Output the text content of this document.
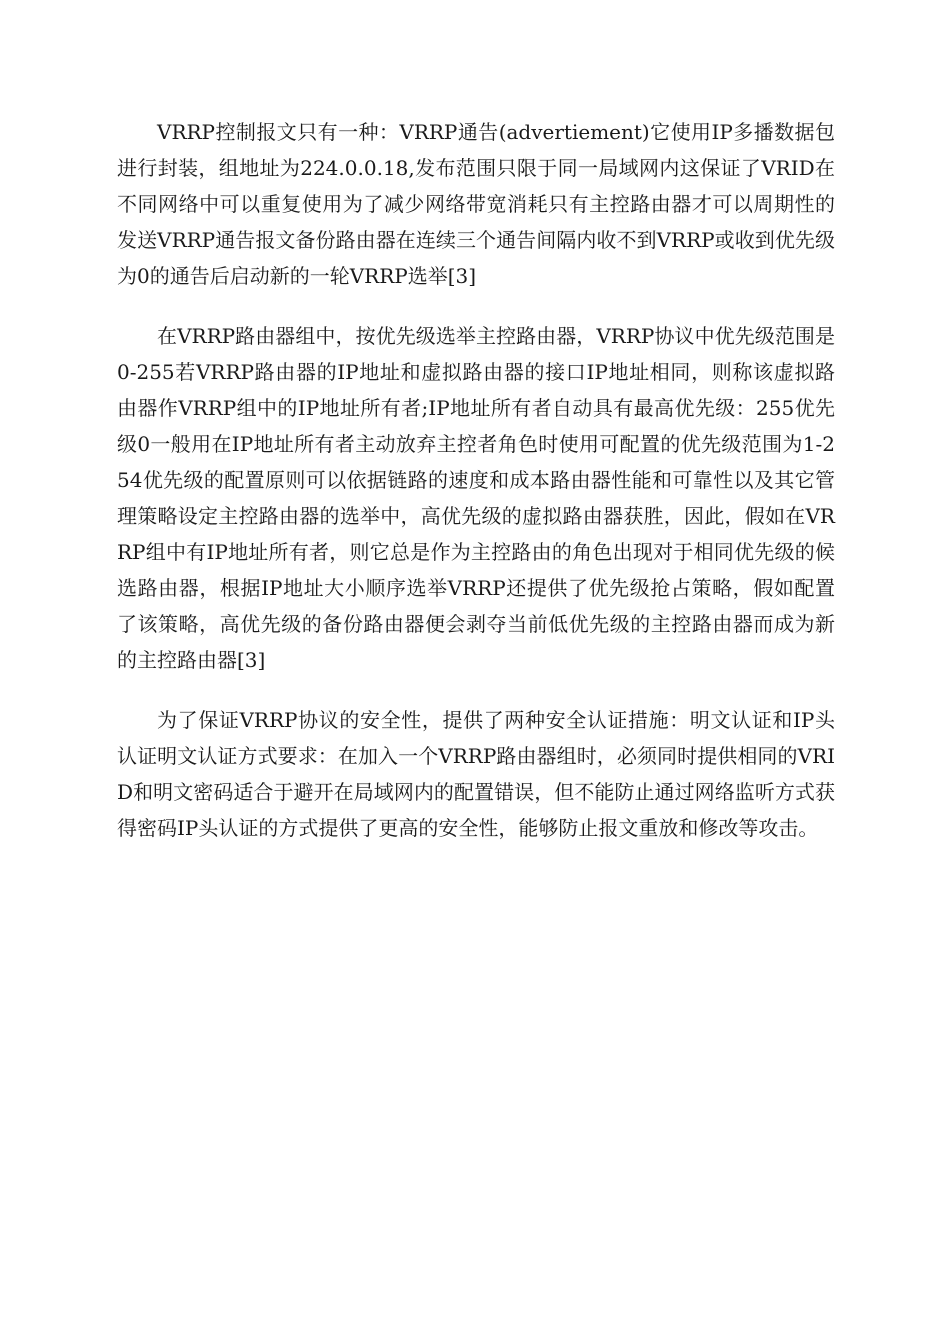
VRRP控制报文只有一种：VRRP通告(advertiement)它使用IP多播数据包进行封装，组地址为224.0.0.18,发布范围只限于同一局域网内这保证了VRID在不同网络中可以重复使用为了减少网络带宽消耗只有主控路由器才可以周期性的发送VRRP通告报文备份路由器在连续三个通告间隔内收不到VRRP或收到优先级为0的通告后启动新的一轮VRRP选举[3]

在VRRP路由器组中，按优先级选举主控路由器，VRRP协议中优先级范围是0-255若VRRP路由器的IP地址和虚拟路由器的接口IP地址相同，则称该虚拟路由器作VRRP组中的IP地址所有者;IP地址所有者自动具有最高优先级：255优先级0一般用在IP地址所有者主动放弃主控者角色时使用可配置的优先级范围为1-254优先级的配置原则可以依据链路的速度和成本路由器性能和可靠性以及其它管理策略设定主控路由器的选举中，高优先级的虚拟路由器获胜，因此，假如在VRRP组中有IP地址所有者，则它总是作为主控路由的角色出现对于相同优先级的候选路由器，根据IP地址大小顺序选举VRRP还提供了优先级抢占策略，假如配置了该策略，高优先级的备份路由器便会剥夺当前低优先级的主控路由器而成为新的主控路由器[3]

为了保证VRRP协议的安全性，提供了两种安全认证措施：明文认证和IP头认证明文认证方式要求：在加入一个VRRP路由器组时，必须同时提供相同的VRID和明文密码适合于避开在局域网内的配置错误，但不能防止通过网络监听方式获得密码IP头认证的方式提供了更高的安全性，能够防止报文重放和修改等攻击。
